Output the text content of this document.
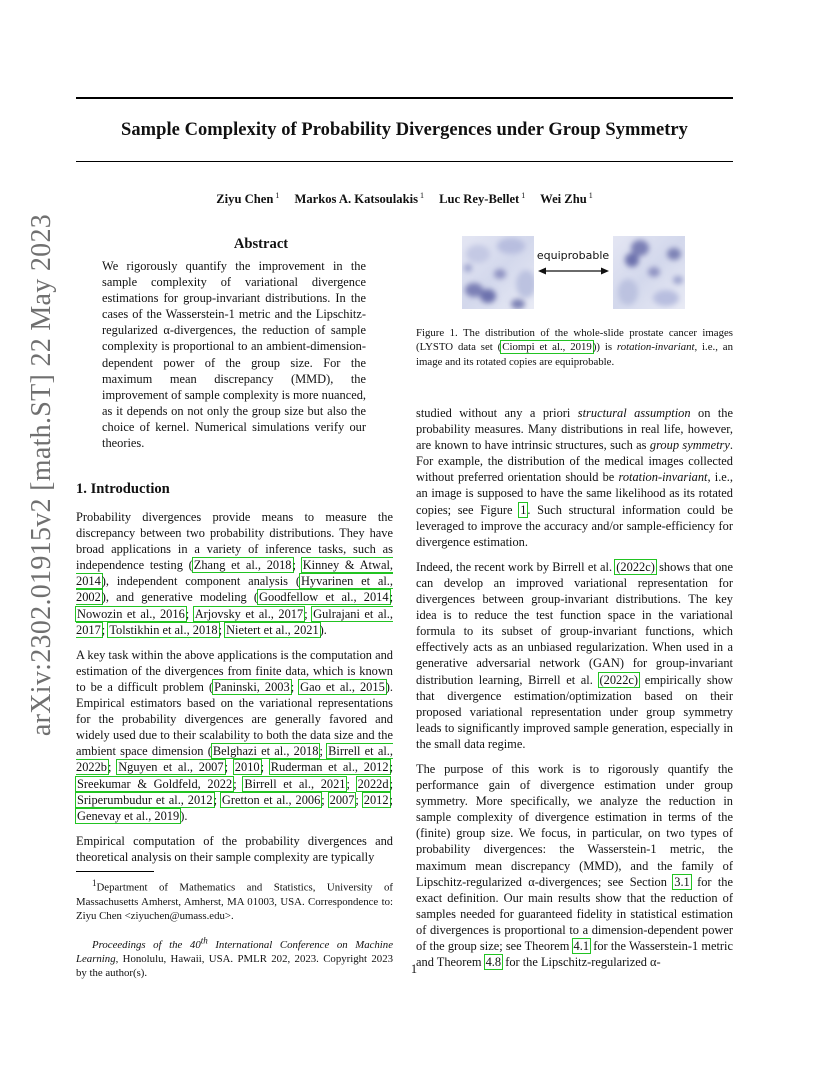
Sample Complexity of Probability Divergences under Group Symmetry
Ziyu Chen $^1$ Markos A. Katsoulakis $^1$ Luc Rey-Bellet $^1$ Wei Zhu $^1$
arXiv:2302.01915v2 [math.ST] 22 May 2023	Abstract

We rigorously quantify the improvement in the sample complexity of variational divergence estimations for group-invariant distributions. In the cases of the Wasserstein-1 metric and the Lipschitz-regularized α-divergences, the reduction of sample complexity is proportional to an ambient-dimension-dependent power of the group size. For the maximum mean discrepancy (MMD), the improvement of sample complexity is more nuanced, as it depends on not only the group size but also the choice of kernel. Numerical simulations verify our theories.

1. Introduction

Probability divergences provide means to measure the discrepancy between two probability distributions. They have broad applications in a variety of inference tasks, such as independence testing (Zhang et al., 2018; Kinney & Atwal, 2014), independent component analysis (Hyvarinen et al., 2002), and generative modeling (Goodfellow et al., 2014; Nowozin et al., 2016; Arjovsky et al., 2017; Gulrajani et al., 2017; Tolstikhin et al., 2018; Nietert et al., 2021).

A key task within the above applications is the computation and estimation of the divergences from finite data, which is known to be a difficult problem (Paninski, 2003; Gao et al., 2015). Empirical estimators based on the variational representations for the probability divergences are generally favored and widely used due to their scalability to both the data size and the ambient space dimension (Belghazi et al., 2018; Birrell et al., 2022b; Nguyen et al., 2007; 2010; Ruderman et al., 2012; Sreekumar & Goldfeld, 2022; Birrell et al., 2021; 2022d; Sriperumbudur et al., 2012; Gretton et al., 2006; 2007; 2012; Genevay et al., 2019).

Empirical computation of the probability divergences and theoretical analysis on their sample complexity are typically

$^1$Department of Mathematics and Statistics, University of Massachusetts Amherst, Amherst, MA 01003, USA. Correspondence to: Ziyu Chen <ziyuchen@umass.edu>.

Proceedings of the 40th International Conference on Machine Learning, Honolulu, Hawaii, USA. PMLR 202, 2023. Copyright 2023 by the author(s).

equiprobable
Figure 1. The distribution of the whole-slide prostate cancer images (LYSTO data set (Ciompi et al., 2019)) is rotation-invariant, i.e., an image and its rotated copies are equiprobable.

studied without any a priori structural assumption on the probability measures. Many distributions in real life, however, are known to have intrinsic structures, such as group symmetry. For example, the distribution of the medical images collected without preferred orientation should be rotation-invariant, i.e., an image is supposed to have the same likelihood as its rotated copies; see Figure 1. Such structural information could be leveraged to improve the accuracy and/or sample-efficiency for divergence estimation.

Indeed, the recent work by Birrell et al. (2022c) shows that one can develop an improved variational representation for divergences between group-invariant distributions. The key idea is to reduce the test function space in the variational formula to its subset of group-invariant functions, which effectively acts as an unbiased regularization. When used in a generative adversarial network (GAN) for group-invariant distribution learning, Birrell et al. (2022c) empirically show that divergence estimation/optimization based on their proposed variational representation under group symmetry leads to significantly improved sample generation, especially in the small data regime.

The purpose of this work is to rigorously quantify the performance gain of divergence estimation under group symmetry. More specifically, we analyze the reduction in sample complexity of divergence estimation in terms of the (finite) group size. We focus, in particular, on two types of probability divergences: the Wasserstein-1 metric, the maximum mean discrepancy (MMD), and the family of Lipschitz-regularized α-divergences; see Section 3.1 for the exact definition. Our main results show that the reduction of samples needed for guaranteed fidelity in statistical estimation of divergences is proportional to a dimension-dependent power of the group size; see Theorem 4.1 for the Wasserstein-1 metric and Theorem 4.8 for the Lipschitz-regularized α-

1
